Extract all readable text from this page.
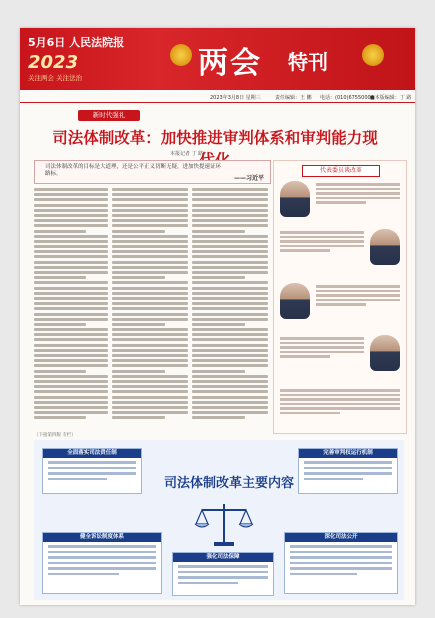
5月6日 人民法院报
2023
关注两会 关注法治	两会 特刊
2023年3月8日 星期三	责任编辑：王 鹏 电话：(010)67550000
■本版编辑：丁 路
新时代强礼
司法体制改革：加快推进审判体系和审判能力现
本报记者 丁 路
司法体制改革的目标是大道理，还是公平正义切断无疑，进加快提速证环路标。
——习近平
代表委员谈改革
（下接第四版 专栏）
司法体制改革主要内容
全面落实司法责任制	完善审判权运行机制
健全诉讼制度体系
强化司法保障
深化司法公开
